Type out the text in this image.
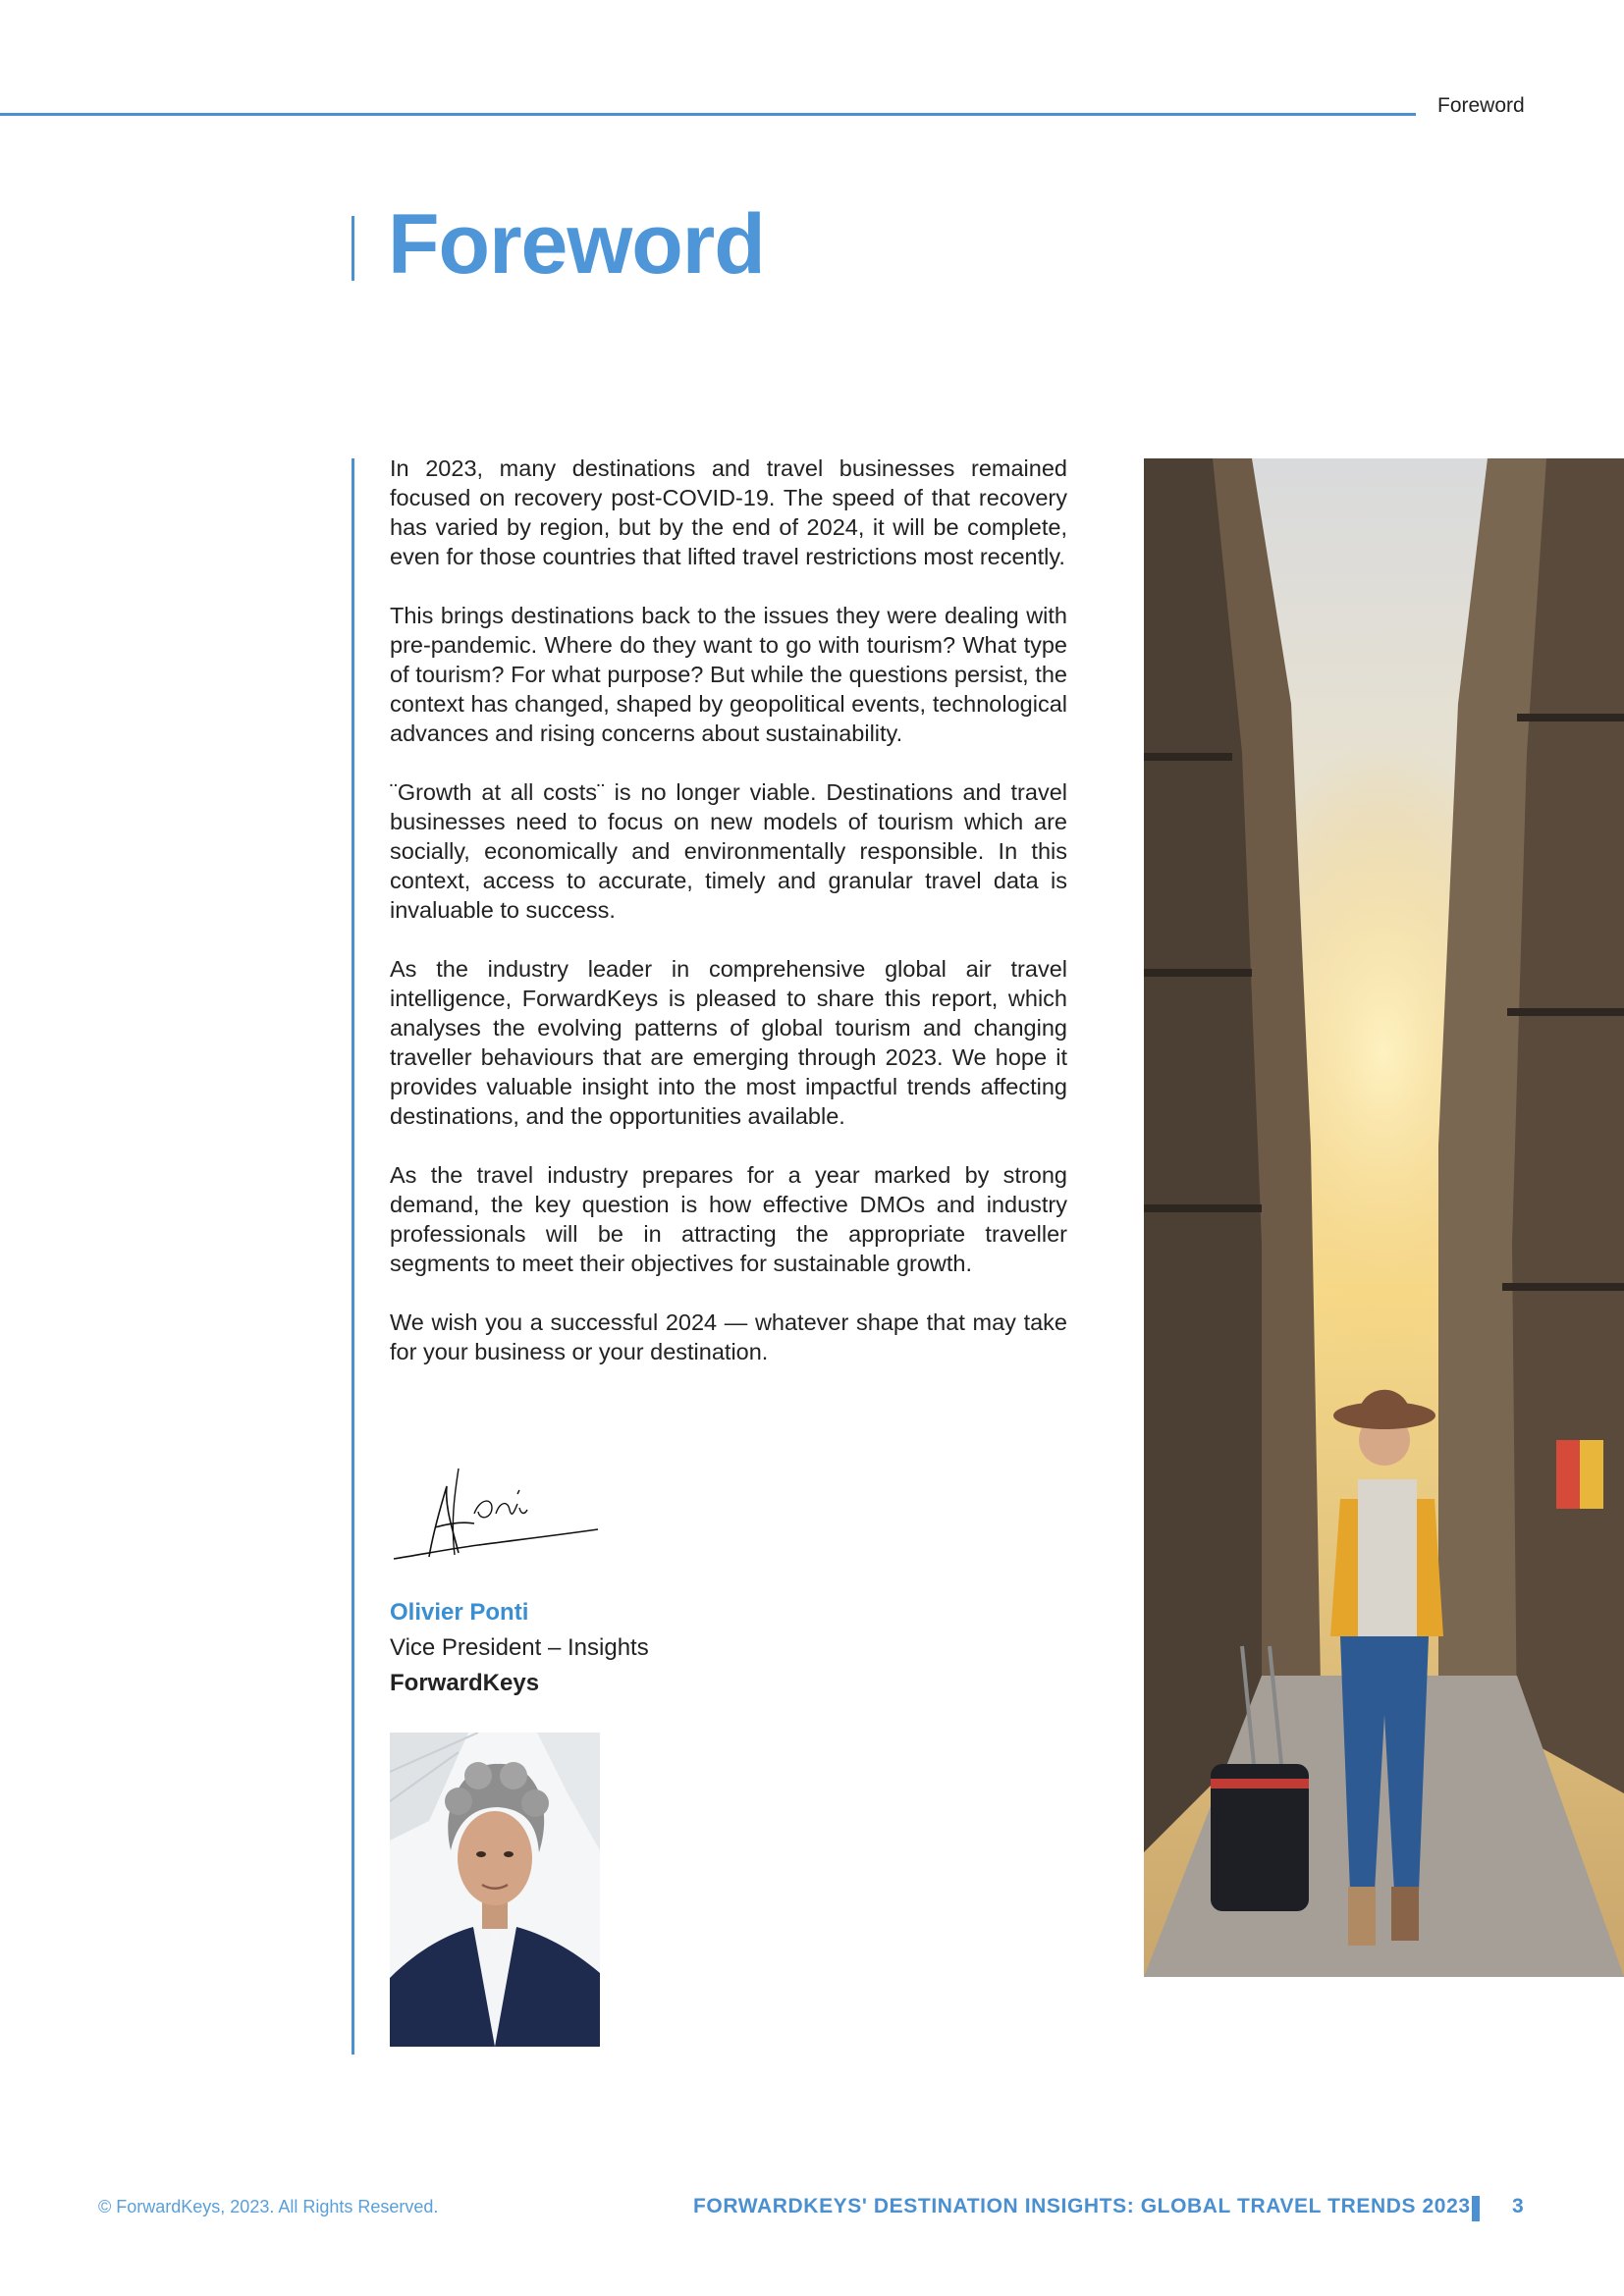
Foreword
Foreword

In 2023, many destinations and travel businesses remained focused on recovery post-COVID-19. The speed of that recovery has varied by region, but by the end of 2024, it will be complete, even for those countries that lifted travel restrictions most recently.

This brings destinations back to the issues they were dealing with pre-pandemic. Where do they want to go with tourism? What type of tourism? For what purpose? But while the questions persist, the context has changed, shaped by geopolitical events, technological advances and rising concerns about sustainability.

¨Growth at all costs¨ is no longer viable. Destinations and travel businesses need to focus on new models of tourism which are socially, economically and environmentally responsible. In this context, access to accurate, timely and granular travel data is invaluable to success.

As the industry leader in comprehensive global air travel intelligence, ForwardKeys is pleased to share this report, which analyses the evolving patterns of global tourism and changing traveller behaviours that are emerging through 2023. We hope it provides valuable insight into the most impactful trends affecting destinations, and the opportunities available.

As the travel industry prepares for a year marked by strong demand, the key question is how effective DMOs and industry professionals will be in attracting the appropriate traveller segments to meet their objectives for sustainable growth.

We wish you a successful 2024 — whatever shape that may take for your business or your destination.

Olivier Ponti
Vice President – Insights
ForwardKeys
© ForwardKeys, 2023. All Rights Reserved.	FORWARDKEYS' DESTINATION INSIGHTS: GLOBAL TRAVEL TRENDS 2023 3
